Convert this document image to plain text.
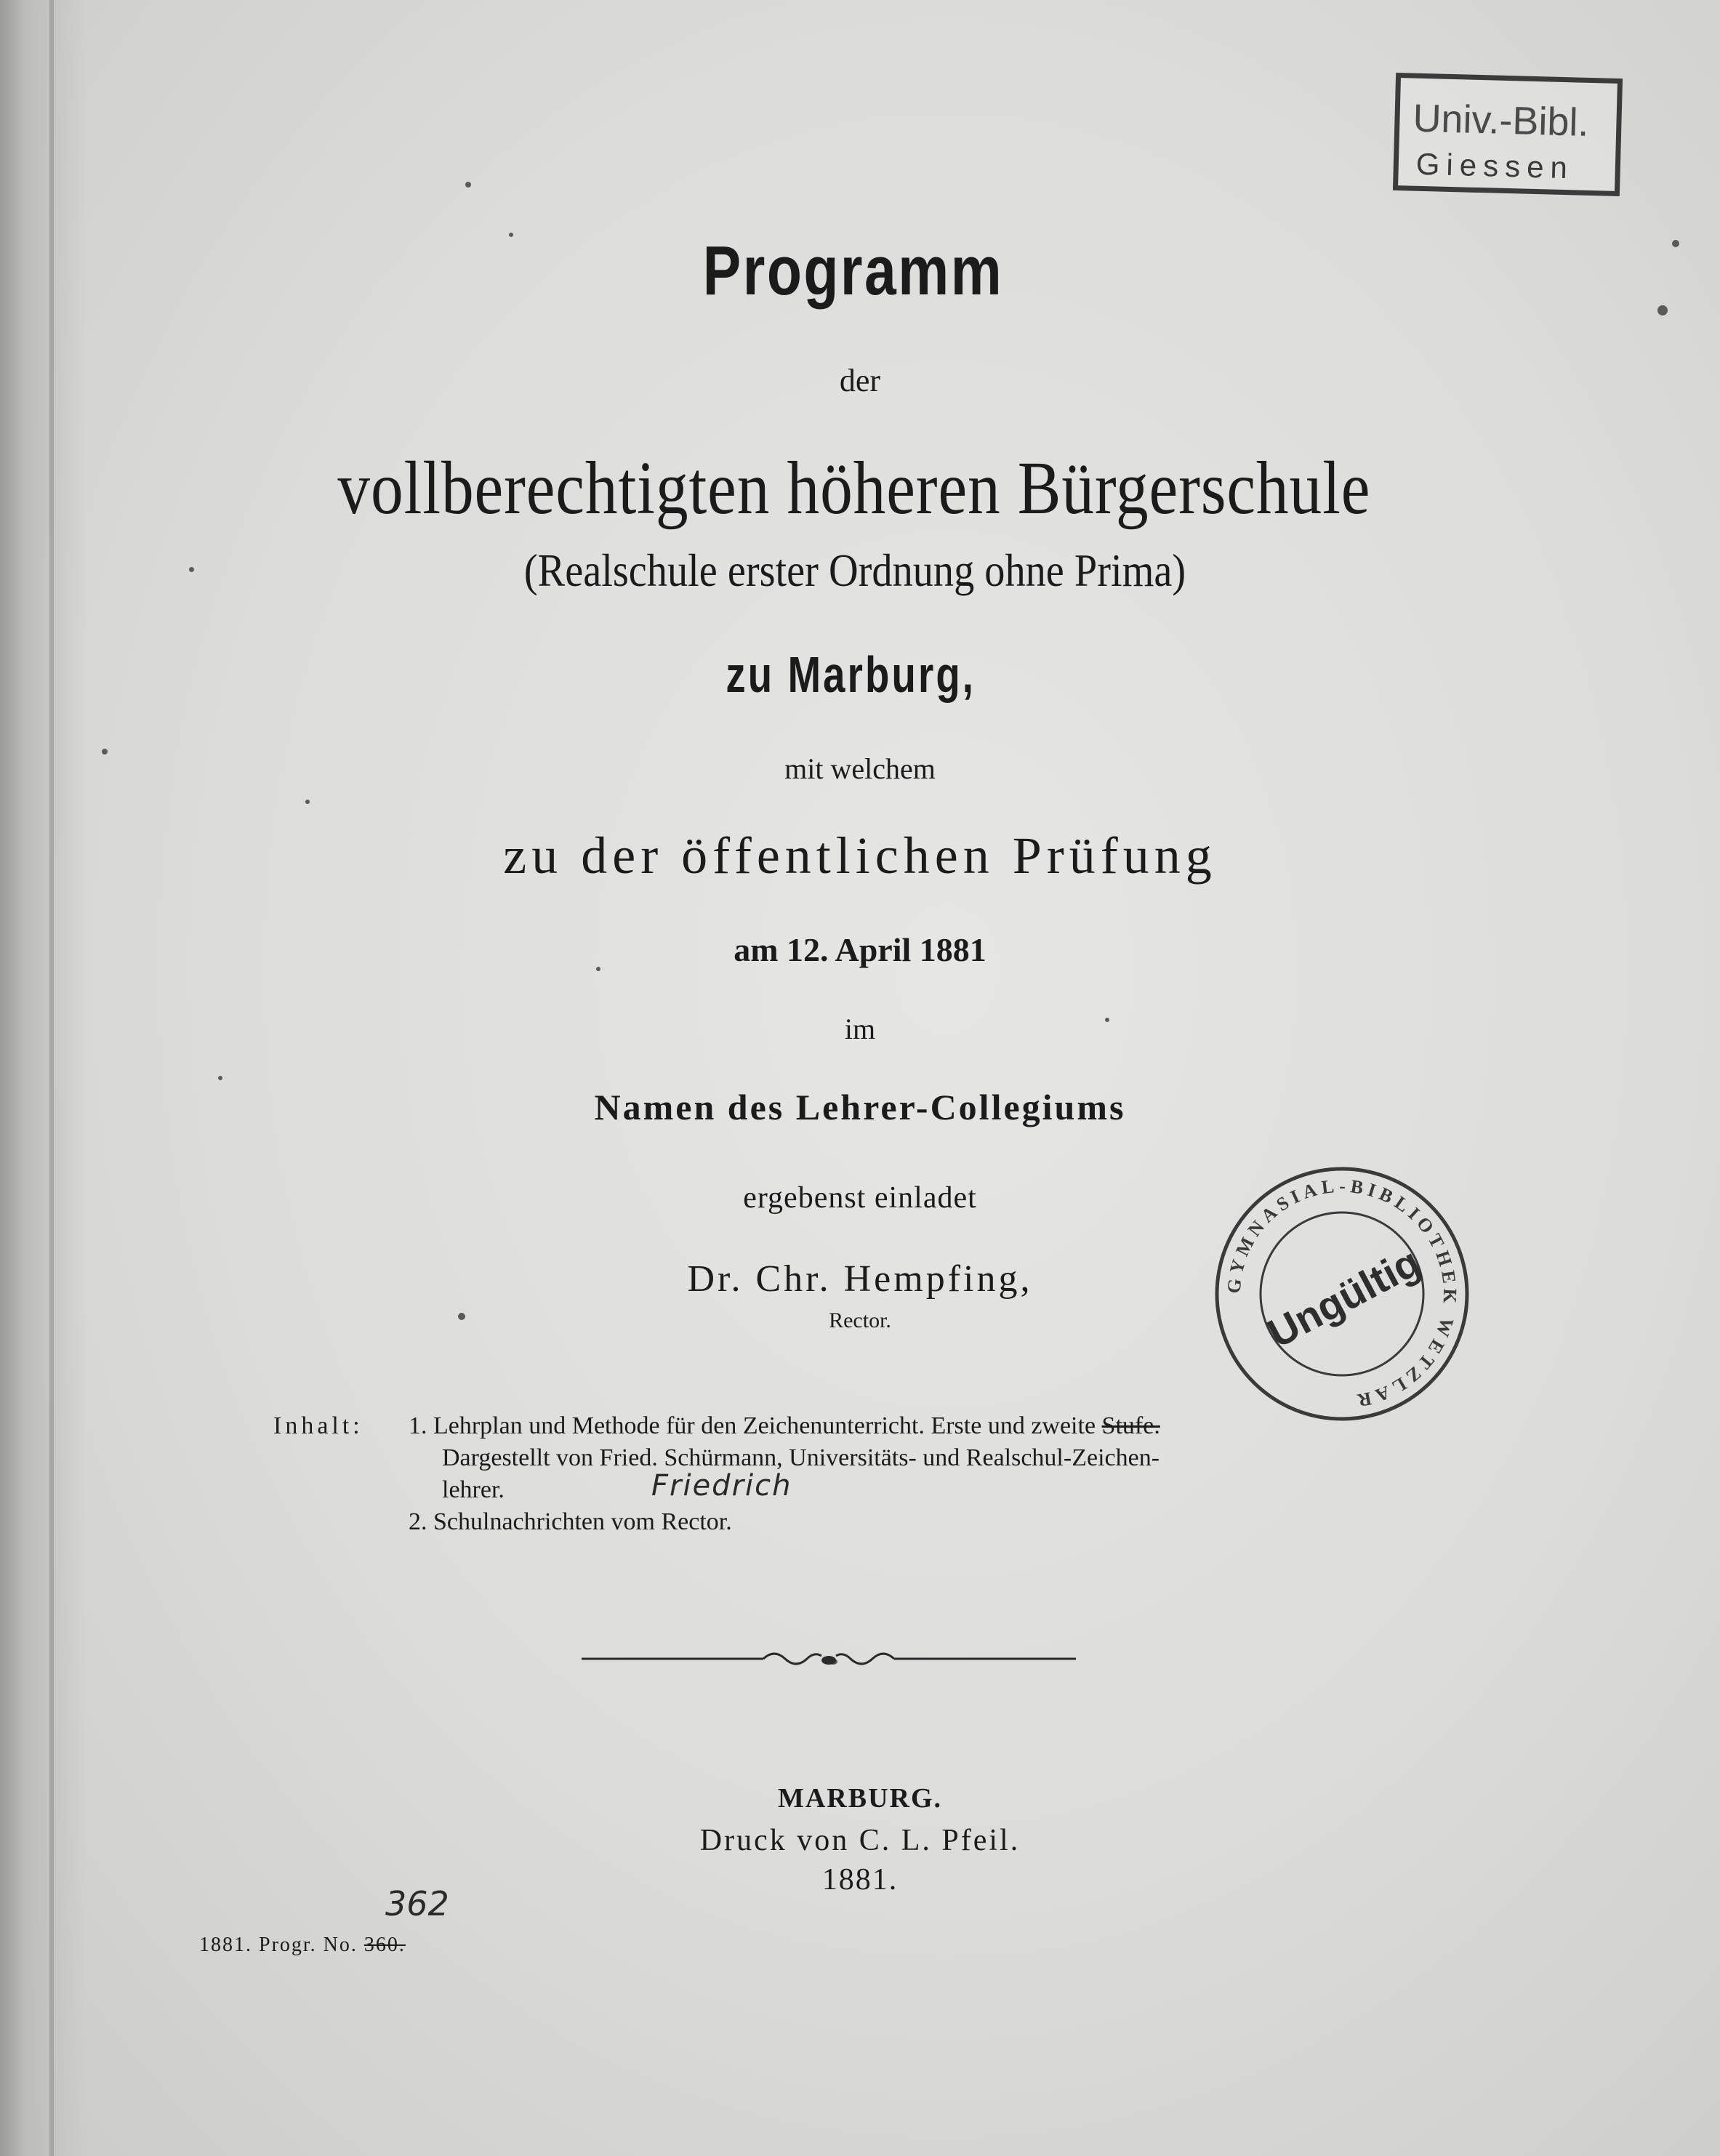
Programm
der
vollberechtigten höheren Bürgerschule
(Realschule erster Ordnung ohne Prima)
zu Marburg,
mit welchem
zu der öffentlichen Prüfung
am 12. April 1881
im
Namen des Lehrer-Collegiums
ergebenst einladet
Dr. Chr. Hempfing,
Rector.
Inhalt: 1. Lehrplan und Methode für den Zeichenunterricht. Erste und zweite Stufe.
Dargestellt von Fried. Schürmann, Universitäts- und Realschul-Zeichen-
lehrer.	Friedrich
2. Schulnachrichten vom Rector.
MARBURG.
Druck von C. L. Pfeil.
1881.
1881. Progr. No. 360.
362
Univ.-Bibl.
Giessen
GYMNASIAL-BIBLIOTHEK WETZLAR
Ungültig
